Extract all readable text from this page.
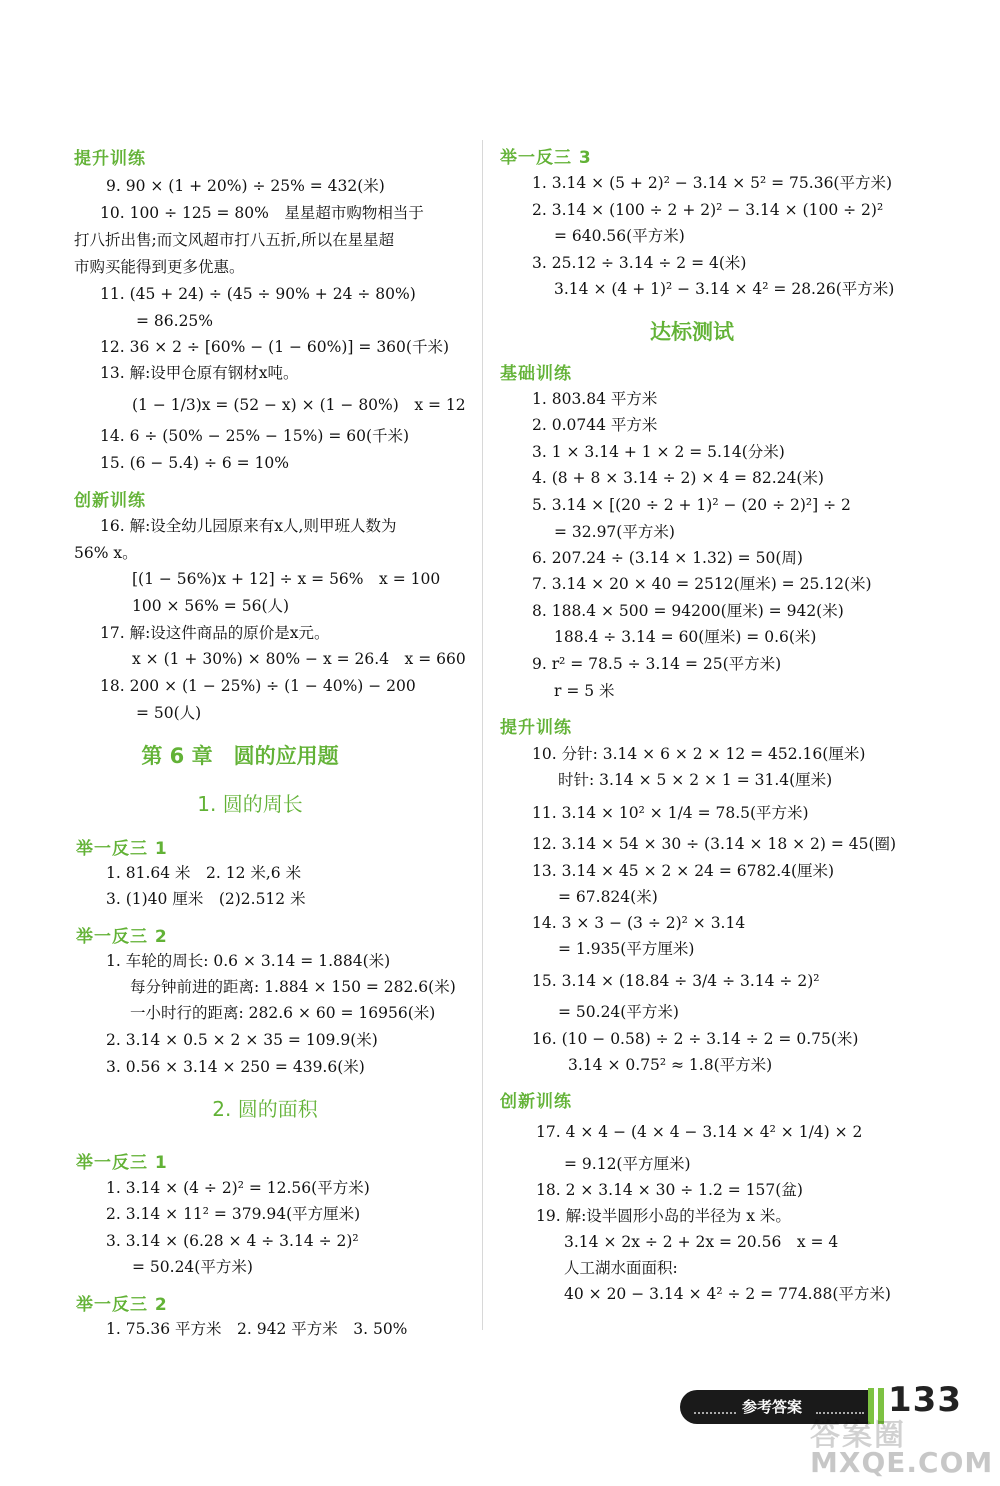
提升训练
9. 90 × (1 + 20%) ÷ 25% = 432(米)
10. 100 ÷ 125 = 80%　星星超市购物相当于
打八折出售;而文风超市打八五折,所以在星星超
市购买能得到更多优惠。
11. (45 + 24) ÷ (45 ÷ 90% + 24 ÷ 80%)
= 86.25%
12. 36 × 2 ÷ [60% − (1 − 60%)] = 360(千米)
13. 解:设甲仓原有钢材x吨。
(1 − 1/3)x = (52 − x) × (1 − 80%)　x = 12
14. 6 ÷ (50% − 25% − 15%) = 60(千米)
15. (6 − 5.4) ÷ 6 = 10%
创新训练
16. 解:设全幼儿园原来有x人,则甲班人数为
56% x。
[(1 − 56%)x + 12] ÷ x = 56%　x = 100
100 × 56% = 56(人)
17. 解:设这件商品的原价是x元。
x × (1 + 30%) × 80% − x = 26.4　x = 660
18. 200 × (1 − 25%) ÷ (1 − 40%) − 200
= 50(人)
第 6 章　圆的应用题
1. 圆的周长
举一反三 1
1. 81.64 米　2. 12 米,6 米
3. (1)40 厘米　(2)2.512 米
举一反三 2
1. 车轮的周长: 0.6 × 3.14 = 1.884(米)
每分钟前进的距离: 1.884 × 150 = 282.6(米)
一小时行的距离: 282.6 × 60 = 16956(米)
2. 3.14 × 0.5 × 2 × 35 = 109.9(米)
3. 0.56 × 3.14 × 250 = 439.6(米)
2. 圆的面积
举一反三 1
1. 3.14 × (4 ÷ 2)² = 12.56(平方米)
2. 3.14 × 11² = 379.94(平方厘米)
3. 3.14 × (6.28 × 4 ÷ 3.14 ÷ 2)²
= 50.24(平方米)
举一反三 2
1. 75.36 平方米　2. 942 平方米　3. 50%
举一反三 3
1. 3.14 × (5 + 2)² − 3.14 × 5² = 75.36(平方米)
2. 3.14 × (100 ÷ 2 + 2)² − 3.14 × (100 ÷ 2)²
= 640.56(平方米)
3. 25.12 ÷ 3.14 ÷ 2 = 4(米)
3.14 × (4 + 1)² − 3.14 × 4² = 28.26(平方米)
达标测试
基础训练
1. 803.84 平方米
2. 0.0744 平方米
3. 1 × 3.14 + 1 × 2 = 5.14(分米)
4. (8 + 8 × 3.14 ÷ 2) × 4 = 82.24(米)
5. 3.14 × [(20 ÷ 2 + 1)² − (20 ÷ 2)²] ÷ 2
= 32.97(平方米)
6. 207.24 ÷ (3.14 × 1.32) = 50(周)
7. 3.14 × 20 × 40 = 2512(厘米) = 25.12(米)
8. 188.4 × 500 = 94200(厘米) = 942(米)
188.4 ÷ 3.14 = 60(厘米) = 0.6(米)
9. r² = 78.5 ÷ 3.14 = 25(平方米)
r = 5 米
提升训练
10. 分针: 3.14 × 6 × 2 × 12 = 452.16(厘米)
时针: 3.14 × 5 × 2 × 1 = 31.4(厘米)
11. 3.14 × 10² × 1/4 = 78.5(平方米)
12. 3.14 × 54 × 30 ÷ (3.14 × 18 × 2) = 45(圈)
13. 3.14 × 45 × 2 × 24 = 6782.4(厘米)
= 67.824(米)
14. 3 × 3 − (3 ÷ 2)² × 3.14
= 1.935(平方厘米)
15. 3.14 × (18.84 ÷ 3/4 ÷ 3.14 ÷ 2)²
= 50.24(平方米)
16. (10 − 0.58) ÷ 2 ÷ 3.14 ÷ 2 = 0.75(米)
3.14 × 0.75² ≈ 1.8(平方米)
创新训练
17. 4 × 4 − (4 × 4 − 3.14 × 4² × 1/4) × 2
= 9.12(平方厘米)
18. 2 × 3.14 × 30 ÷ 1.2 = 157(盆)
19. 解:设半圆形小岛的半径为 x 米。
3.14 × 2x ÷ 2 + 2x = 20.56　x = 4
人工湖水面面积:
40 × 20 − 3.14 × 4² ÷ 2 = 774.88(平方米)
参考答案	133
答案圈
MXQE.COM
